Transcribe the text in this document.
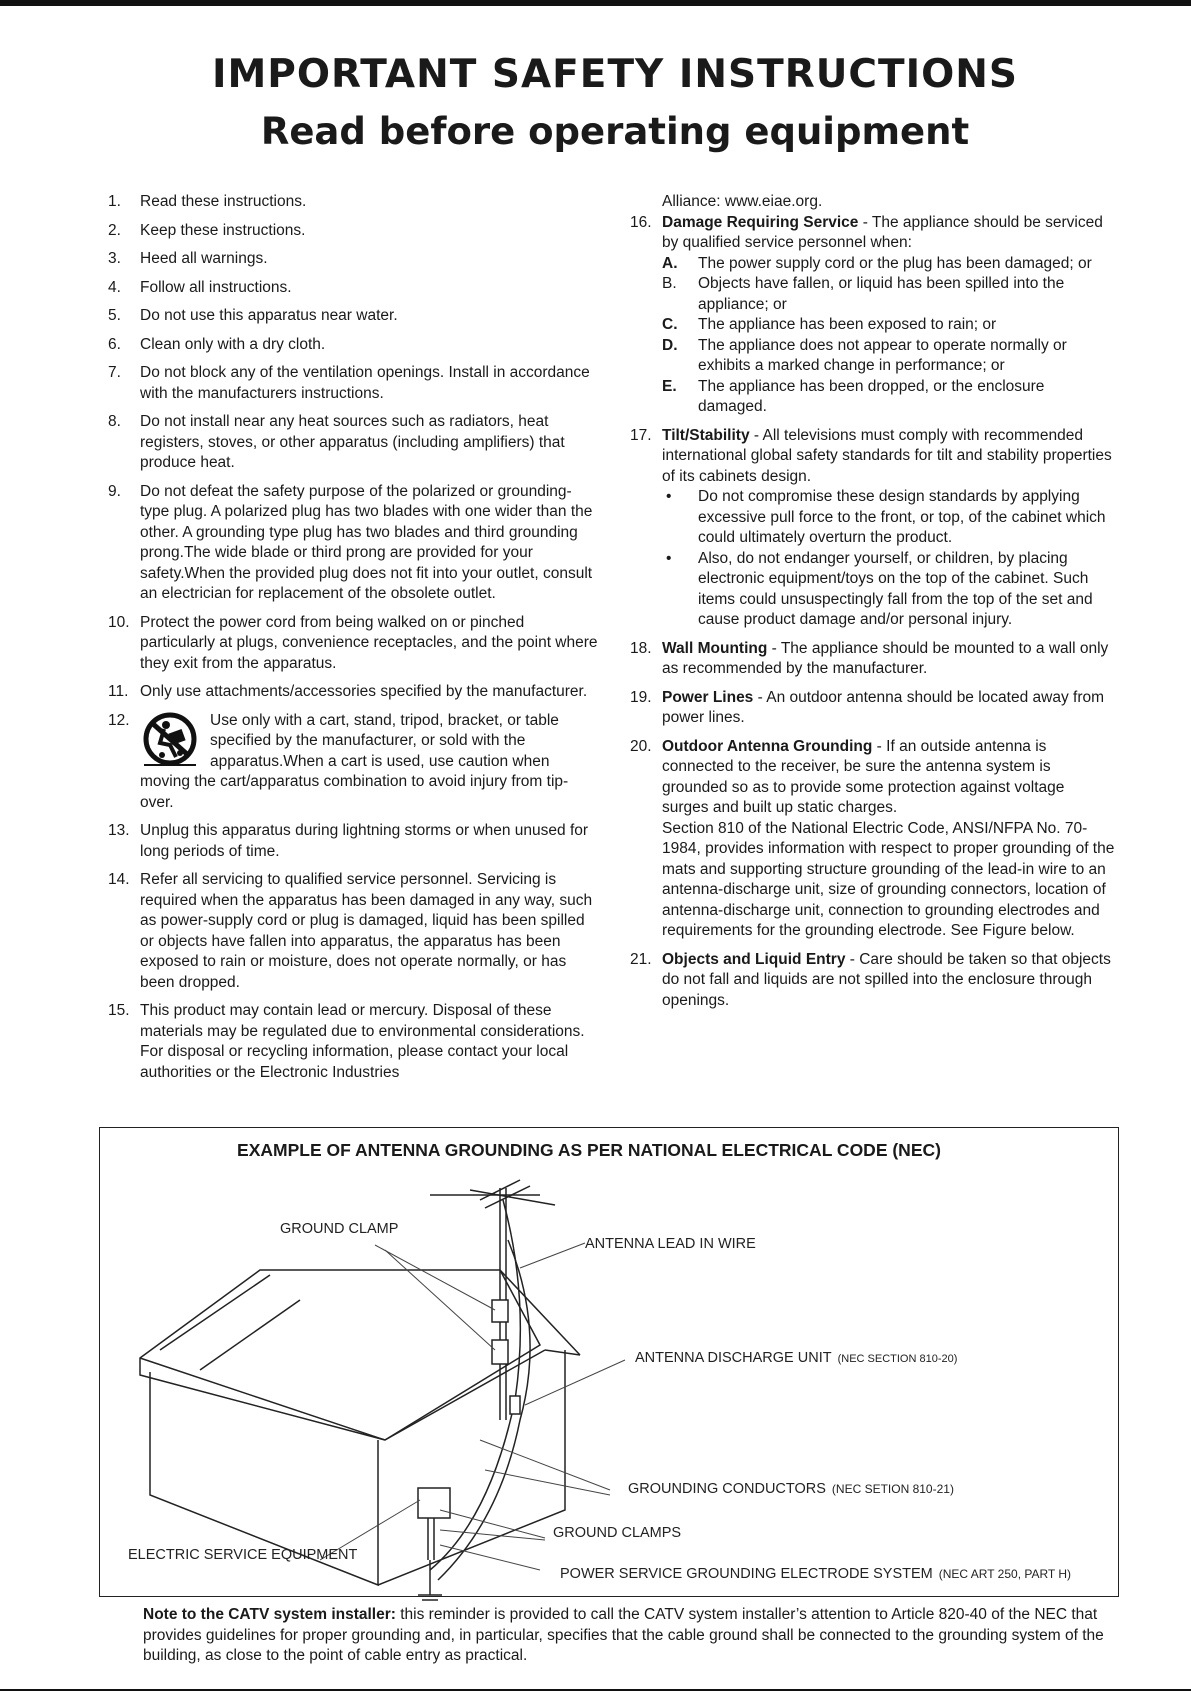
IMPORTANT SAFETY INSTRUCTIONS
Read before operating equipment
1.	Read these instructions.
2.	Keep these instructions.
3.	Heed all warnings.
4.	Follow all instructions.
5.	Do not use this apparatus near water.
6.	Clean only with a dry cloth.
7.	Do not block any of the ventilation openings. Install in accordance with the manufacturers instructions.
8.	Do not install near any heat sources such as radiators, heat registers, stoves, or other apparatus (including amplifiers) that produce heat.
9.	Do not defeat the safety purpose of the polarized or grounding-type plug. A polarized plug has two blades with one wider than the other. A grounding type plug has two blades and third grounding prong.The wide blade or third prong are provided for your safety.When the provided plug does not fit into your outlet, consult an electrician for replacement of the obsolete outlet.
10. Protect the power cord from being walked on or pinched particularly at plugs, convenience receptacles, and the point where they exit from the apparatus.
11. Only use attachments/accessories specified by the manufacturer.
12.	Use only with a cart, stand, tripod, bracket, or table specified by the manufacturer, or sold with the apparatus.When a cart is used, use caution when moving the cart/apparatus combination to avoid injury from tip-over.
13. Unplug this apparatus during lightning storms or when unused for long periods of time.
14. Refer all servicing to qualified service personnel. Servicing is required when the apparatus has been damaged in any way, such as power-supply cord or plug is damaged, liquid has been spilled or objects have fallen into apparatus, the apparatus has been exposed to rain or moisture, does not operate normally, or has been dropped.
15. This product may contain lead or mercury. Disposal of these materials may be regulated due to environmental considerations. For disposal or recycling information, please contact your local authorities or the Electronic Industries
Alliance: www.eiae.org.
16. Damage Requiring Service - The appliance should be serviced by qualified service personnel when:
A. The power supply cord or the plug has been damaged; or
B. Objects have fallen, or liquid has been spilled into the appliance; or
C. The appliance has been exposed to rain; or
D. The appliance does not appear to operate normally or exhibits a marked change in performance; or
E. The appliance has been dropped, or the enclosure damaged.
17. Tilt/Stability - All televisions must comply with recommended international global safety standards for tilt and stability properties of its cabinets design.
• Do not compromise these design standards by applying excessive pull force to the front, or top, of the cabinet which could ultimately overturn the product.
• Also, do not endanger yourself, or children, by placing electronic equipment/toys on the top of the cabinet. Such items could unsuspectingly fall from the top of the set and cause product damage and/or personal injury.
18. Wall Mounting - The appliance should be mounted to a wall only as recommended by the manufacturer.
19. Power Lines - An outdoor antenna should be located away from power lines.
20. Outdoor Antenna Grounding - If an outside antenna is connected to the receiver, be sure the antenna system is grounded so as to provide some protection against voltage surges and built up static charges.
Section 810 of the National Electric Code, ANSI/NFPA No. 70-1984, provides information with respect to proper grounding of the mats and supporting structure grounding of the lead-in wire to an antenna-discharge unit, size of grounding connectors, location of antenna-discharge unit, connection to grounding electrodes and requirements for the grounding electrode. See Figure below.
21. Objects and Liquid Entry - Care should be taken so that objects do not fall and liquids are not spilled into the enclosure through openings.
EXAMPLE OF ANTENNA GROUNDING AS PER NATIONAL ELECTRICAL CODE (NEC)
GROUND CLAMP
ANTENNA LEAD IN WIRE
ANTENNA DISCHARGE UNIT (NEC SECTION 810-20)
GROUNDING CONDUCTORS (NEC SETION 810-21)
GROUND CLAMPS
ELECTRIC SERVICE EQUIPMENT
POWER SERVICE GROUNDING ELECTRODE SYSTEM (NEC ART 250, PART H)
Note to the CATV system installer: this reminder is provided to call the CATV system installer’s attention to Article 820-40 of the NEC that provides guidelines for proper grounding and, in particular, specifies that the cable ground shall be connected to the grounding system of the building, as close to the point of cable entry as practical.
